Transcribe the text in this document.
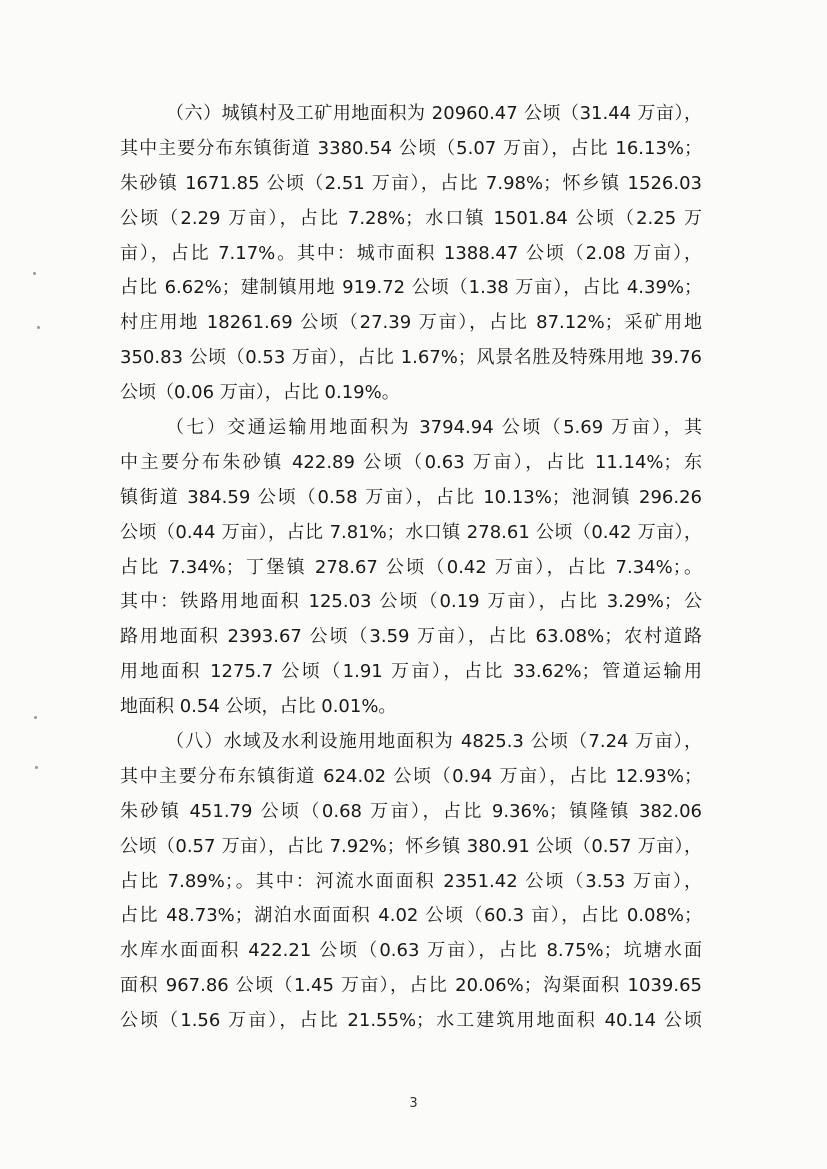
（六）城镇村及工矿用地面积为 20960.47 公顷（31.44 万亩），
其中主要分布东镇街道 3380.54 公顷（5.07 万亩），占比 16.13%；
朱砂镇 1671.85 公顷（2.51 万亩），占比 7.98%；怀乡镇 1526.03
公顷（2.29 万亩），占比 7.28%；水口镇 1501.84 公顷（2.25 万
亩），占比 7.17%。其中：城市面积 1388.47 公顷（2.08 万亩），
占比 6.62%；建制镇用地 919.72 公顷（1.38 万亩），占比 4.39%；
村庄用地 18261.69 公顷（27.39 万亩），占比 87.12%；采矿用地
350.83 公顷（0.53 万亩），占比 1.67%；风景名胜及特殊用地 39.76
公顷（0.06 万亩），占比 0.19%。
（七）交通运输用地面积为 3794.94 公顷（5.69 万亩），其
中主要分布朱砂镇 422.89 公顷（0.63 万亩），占比 11.14%；东
镇街道 384.59 公顷（0.58 万亩），占比 10.13%；池洞镇 296.26
公顷（0.44 万亩），占比 7.81%；水口镇 278.61 公顷（0.42 万亩），
占比 7.34%；丁堡镇 278.67 公顷（0.42 万亩），占比 7.34%；。
其中：铁路用地面积 125.03 公顷（0.19 万亩），占比 3.29%；公
路用地面积 2393.67 公顷（3.59 万亩），占比 63.08%；农村道路
用地面积 1275.7 公顷（1.91 万亩），占比 33.62%；管道运输用
地面积 0.54 公顷，占比 0.01%。
（八）水域及水利设施用地面积为 4825.3 公顷（7.24 万亩），
其中主要分布东镇街道 624.02 公顷（0.94 万亩），占比 12.93%；
朱砂镇 451.79 公顷（0.68 万亩），占比 9.36%；镇隆镇 382.06
公顷（0.57 万亩），占比 7.92%；怀乡镇 380.91 公顷（0.57 万亩），
占比 7.89%；。其中：河流水面面积 2351.42 公顷（3.53 万亩），
占比 48.73%；湖泊水面面积 4.02 公顷（60.3 亩），占比 0.08%；
水库水面面积 422.21 公顷（0.63 万亩），占比 8.75%；坑塘水面
面积 967.86 公顷（1.45 万亩），占比 20.06%；沟渠面积 1039.65
公顷（1.56 万亩），占比 21.55%；水工建筑用地面积 40.14 公顷
3
